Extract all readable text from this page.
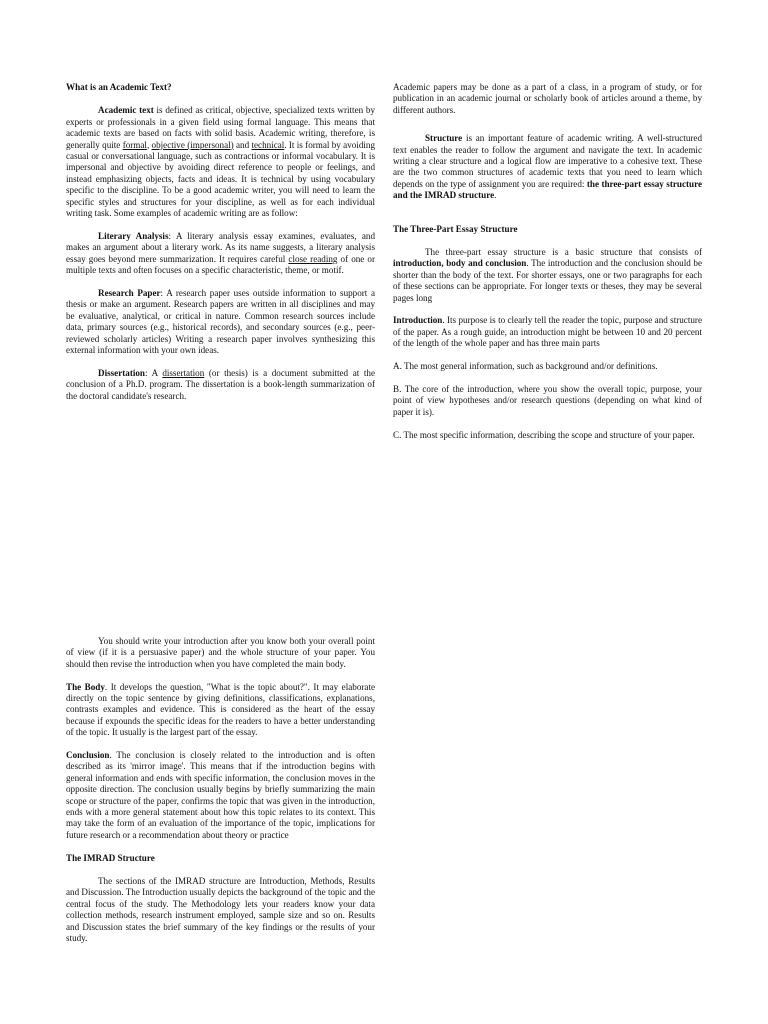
What is an Academic Text?

Academic text is defined as critical, objective, specialized texts written by experts or professionals in a given field using formal language. This means that academic texts are based on facts with solid basis. Academic writing, therefore, is generally quite formal, objective (impersonal) and technical. It is formal by avoiding casual or conversational language, such as contractions or informal vocabulary. It is impersonal and objective by avoiding direct reference to people or feelings, and instead emphasizing objects, facts and ideas. It is technical by using vocabulary specific to the discipline. To be a good academic writer, you will need to learn the specific styles and structures for your discipline, as well as for each individual writing task. Some examples of academic writing are as follow:

Literary Analysis: A literary analysis essay examines, evaluates, and makes an argument about a literary work. As its name suggests, a literary analysis essay goes beyond mere summarization. It requires careful close reading of one or multiple texts and often focuses on a specific characteristic, theme, or motif.

Research Paper: A research paper uses outside information to support a thesis or make an argument. Research papers are written in all disciplines and may be evaluative, analytical, or critical in nature. Common research sources include data, primary sources (e.g., historical records), and secondary sources (e.g., peer-reviewed scholarly articles) Writing a research paper involves synthesizing this external information with your own ideas.

Dissertation: A dissertation (or thesis) is a document submitted at the conclusion of a Ph.D. program. The dissertation is a book-length summarization of the doctoral candidate's research.

Academic papers may be done as a part of a class, in a program of study, or for publication in an academic journal or scholarly book of articles around a theme, by different authors.

Structure is an important feature of academic writing. A well-structured text enables the reader to follow the argument and navigate the text. In academic writing a clear structure and a logical flow are imperative to a cohesive text. These are the two common structures of academic texts that you need to learn which depends on the type of assignment you are required: the three-part essay structure and the IMRAD structure.

The Three-Part Essay Structure

The three-part essay structure is a basic structure that consists of introduction, body and conclusion. The introduction and the conclusion should be shorter than the body of the text. For shorter essays, one or two paragraphs for each of these sections can be appropriate. For longer texts or theses, they may be several pages long

Introduction. Its purpose is to clearly tell the reader the topic, purpose and structure of the paper. As a rough guide, an introduction might be between 10 and 20 percent of the length of the whole paper and has three main parts

A. The most general information, such as background and/or definitions.

B. The core of the introduction, where you show the overall topic, purpose, your point of view hypotheses and/or research questions (depending on what kind of paper it is).

C. The most specific information, describing the scope and structure of your paper.

You should write your introduction after you know both your overall point of view (if it is a persuasive paper) and the whole structure of your paper. You should then revise the introduction when you have completed the main body.

The Body. It develops the question, "What is the topic about?". It may elaborate directly on the topic sentence by giving definitions, classifications, explanations, contrasts examples and evidence. This is considered as the heart of the essay because if expounds the specific ideas for the readers to have a better understanding of the topic. It usually is the largest part of the essay.

Conclusion. The conclusion is closely related to the introduction and is often described as its 'mirror image'. This means that if the introduction begins with general information and ends with specific information, the conclusion moves in the opposite direction. The conclusion usually begins by briefly summarizing the main scope or structure of the paper, confirms the topic that was given in the introduction, ends with a more general statement about how this topic relates to its context. This may take the form of an evaluation of the importance of the topic, implications for future research or a recommendation about theory or practice

The IMRAD Structure

The sections of the IMRAD structure are Introduction, Methods, Results and Discussion. The Introduction usually depicts the background of the topic and the central focus of the study. The Methodology lets your readers know your data collection methods, research instrument employed, sample size and so on. Results and Discussion states the brief summary of the key findings or the results of your study.
